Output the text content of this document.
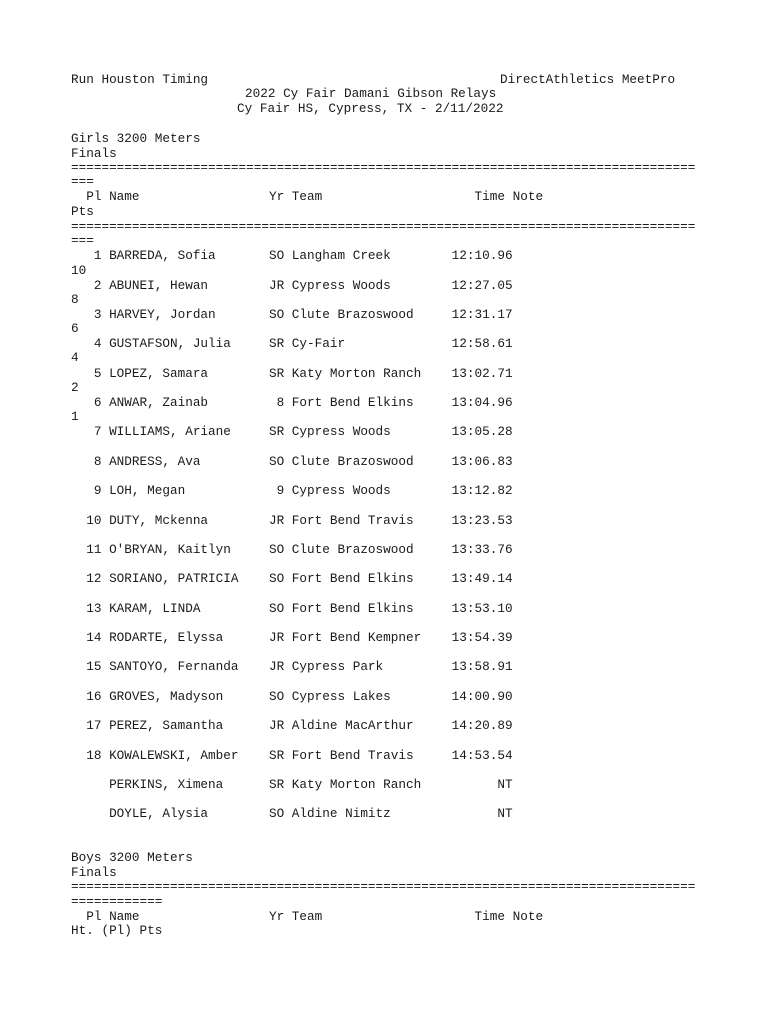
Run Houston Timing	DirectAthletics MeetPro
2022 Cy Fair Damani Gibson Relays
Cy Fair HS, Cypress, TX - 2/11/2022
Girls 3200 Meters
Finals
==================================================================================
===
Pl Name                 Yr Team                    Time Note
Pts
==================================================================================
===
1 BARREDA, Sofia       SO Langham Creek        12:10.96
10
2 ABUNEI, Hewan        JR Cypress Woods        12:27.05
8
3 HARVEY, Jordan       SO Clute Brazoswood     12:31.17
6
4 GUSTAFSON, Julia     SR Cy-Fair              12:58.61
4
5 LOPEZ, Samara        SR Katy Morton Ranch    13:02.71
2
6 ANWAR, Zainab         8 Fort Bend Elkins     13:04.96
1
7 WILLIAMS, Ariane     SR Cypress Woods        13:05.28
8 ANDRESS, Ava         SO Clute Brazoswood     13:06.83
9 LOH, Megan            9 Cypress Woods        13:12.82
10 DUTY, Mckenna        JR Fort Bend Travis     13:23.53
11 O'BRYAN, Kaitlyn     SO Clute Brazoswood     13:33.76
12 SORIANO, PATRICIA    SO Fort Bend Elkins     13:49.14
13 KARAM, LINDA         SO Fort Bend Elkins     13:53.10
14 RODARTE, Elyssa      JR Fort Bend Kempner    13:54.39
15 SANTOYO, Fernanda    JR Cypress Park         13:58.91
16 GROVES, Madyson      SO Cypress Lakes        14:00.90
17 PEREZ, Samantha      JR Aldine MacArthur     14:20.89
18 KOWALEWSKI, Amber    SR Fort Bend Travis     14:53.54
PERKINS, Ximena      SR Katy Morton Ranch          NT
DOYLE, Alysia        SO Aldine Nimitz              NT
Boys 3200 Meters
Finals
==================================================================================
============
Pl Name                 Yr Team                    Time Note
Ht. (Pl) Pts
